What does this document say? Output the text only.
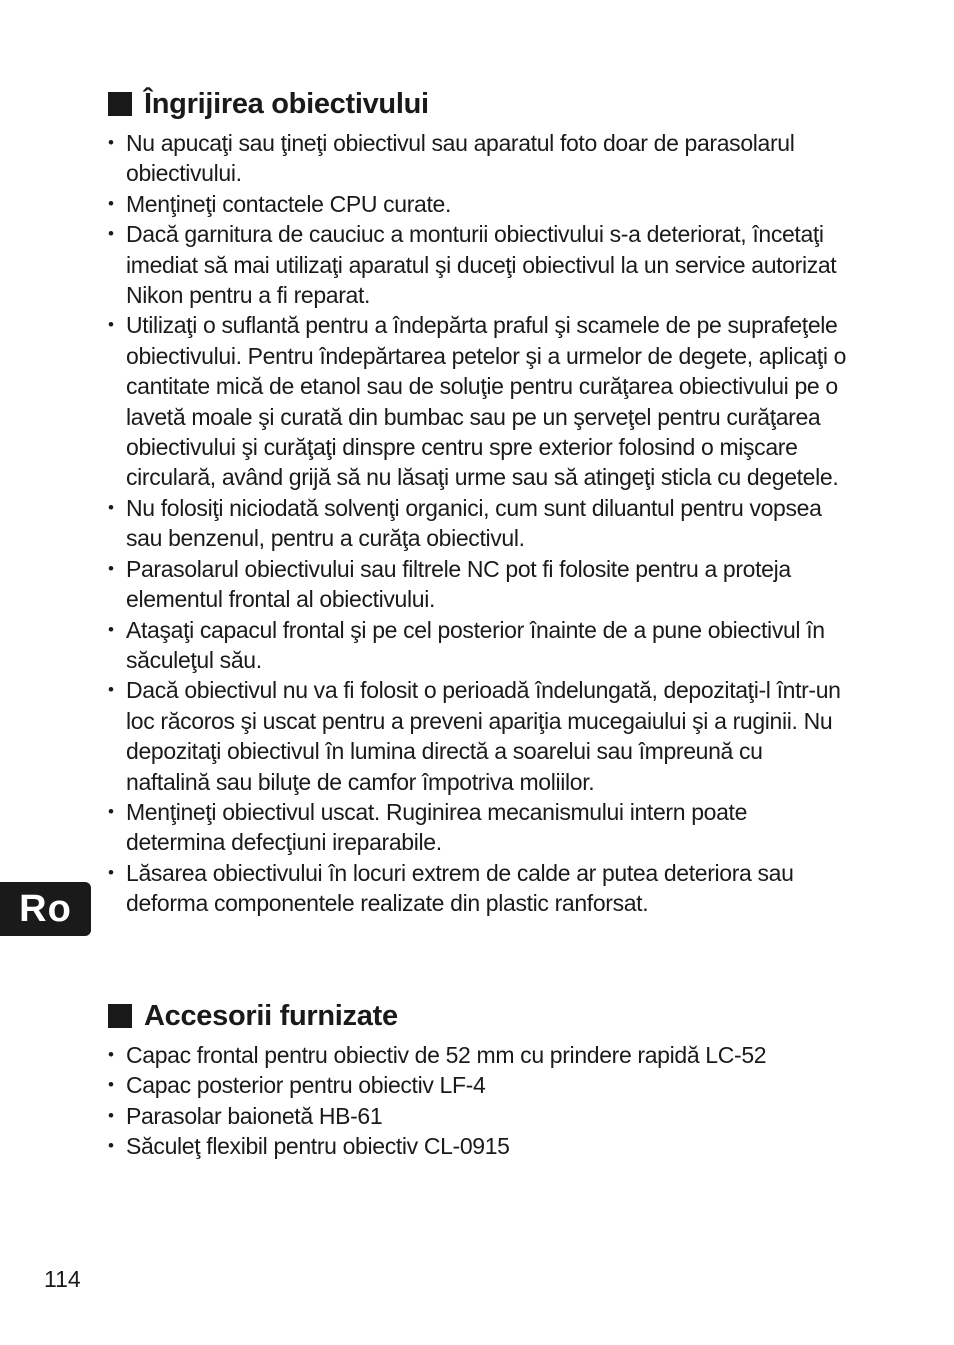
Îngrijirea obiectivului
• Nu apucaţi sau ţineţi obiectivul sau aparatul foto doar de parasolarul obiectivului.
• Menţineţi contactele CPU curate.
• Dacă garnitura de cauciuc a monturii obiectivului s-a deteriorat, încetaţi imediat să mai utilizaţi aparatul şi duceţi obiectivul la un service autorizat Nikon pentru a fi reparat.
• Utilizaţi o suflantă pentru a îndepărta praful şi scamele de pe suprafeţele obiectivului. Pentru îndepărtarea petelor şi a urmelor de degete, aplicaţi o cantitate mică de etanol sau de soluţie pentru curăţarea obiectivului pe o lavetă moale şi curată din bumbac sau pe un şerveţel pentru curăţarea obiectivului şi curăţaţi dinspre centru spre exterior folosind o mişcare circulară, având grijă să nu lăsaţi urme sau să atingeţi sticla cu degetele.
• Nu folosiţi niciodată solvenţi organici, cum sunt diluantul pentru vopsea sau benzenul, pentru a curăţa obiectivul.
• Parasolarul obiectivului sau filtrele NC pot fi folosite pentru a proteja elementul frontal al obiectivului.
• Ataşaţi capacul frontal şi pe cel posterior înainte de a pune obiectivul în săculeţul său.
• Dacă obiectivul nu va fi folosit o perioadă îndelungată, depozitaţi-l într-un loc răcoros şi uscat pentru a preveni apariţia mucegaiului şi a ruginii. Nu depozitaţi obiectivul în lumina directă a soarelui sau împreună cu naftalină sau biluţe de camfor împotriva moliilor.
• Menţineţi obiectivul uscat. Ruginirea mecanismului intern poate determina defecţiuni ireparabile.
• Lăsarea obiectivului în locuri extrem de calde ar putea deteriora sau deforma componentele realizate din plastic ranforsat.
Accesorii furnizate
• Capac frontal pentru obiectiv de 52 mm cu prindere rapidă LC-52
• Capac posterior pentru obiectiv LF-4
• Parasolar baionetă HB-61
• Săculeţ flexibil pentru obiectiv CL-0915
Ro
114
